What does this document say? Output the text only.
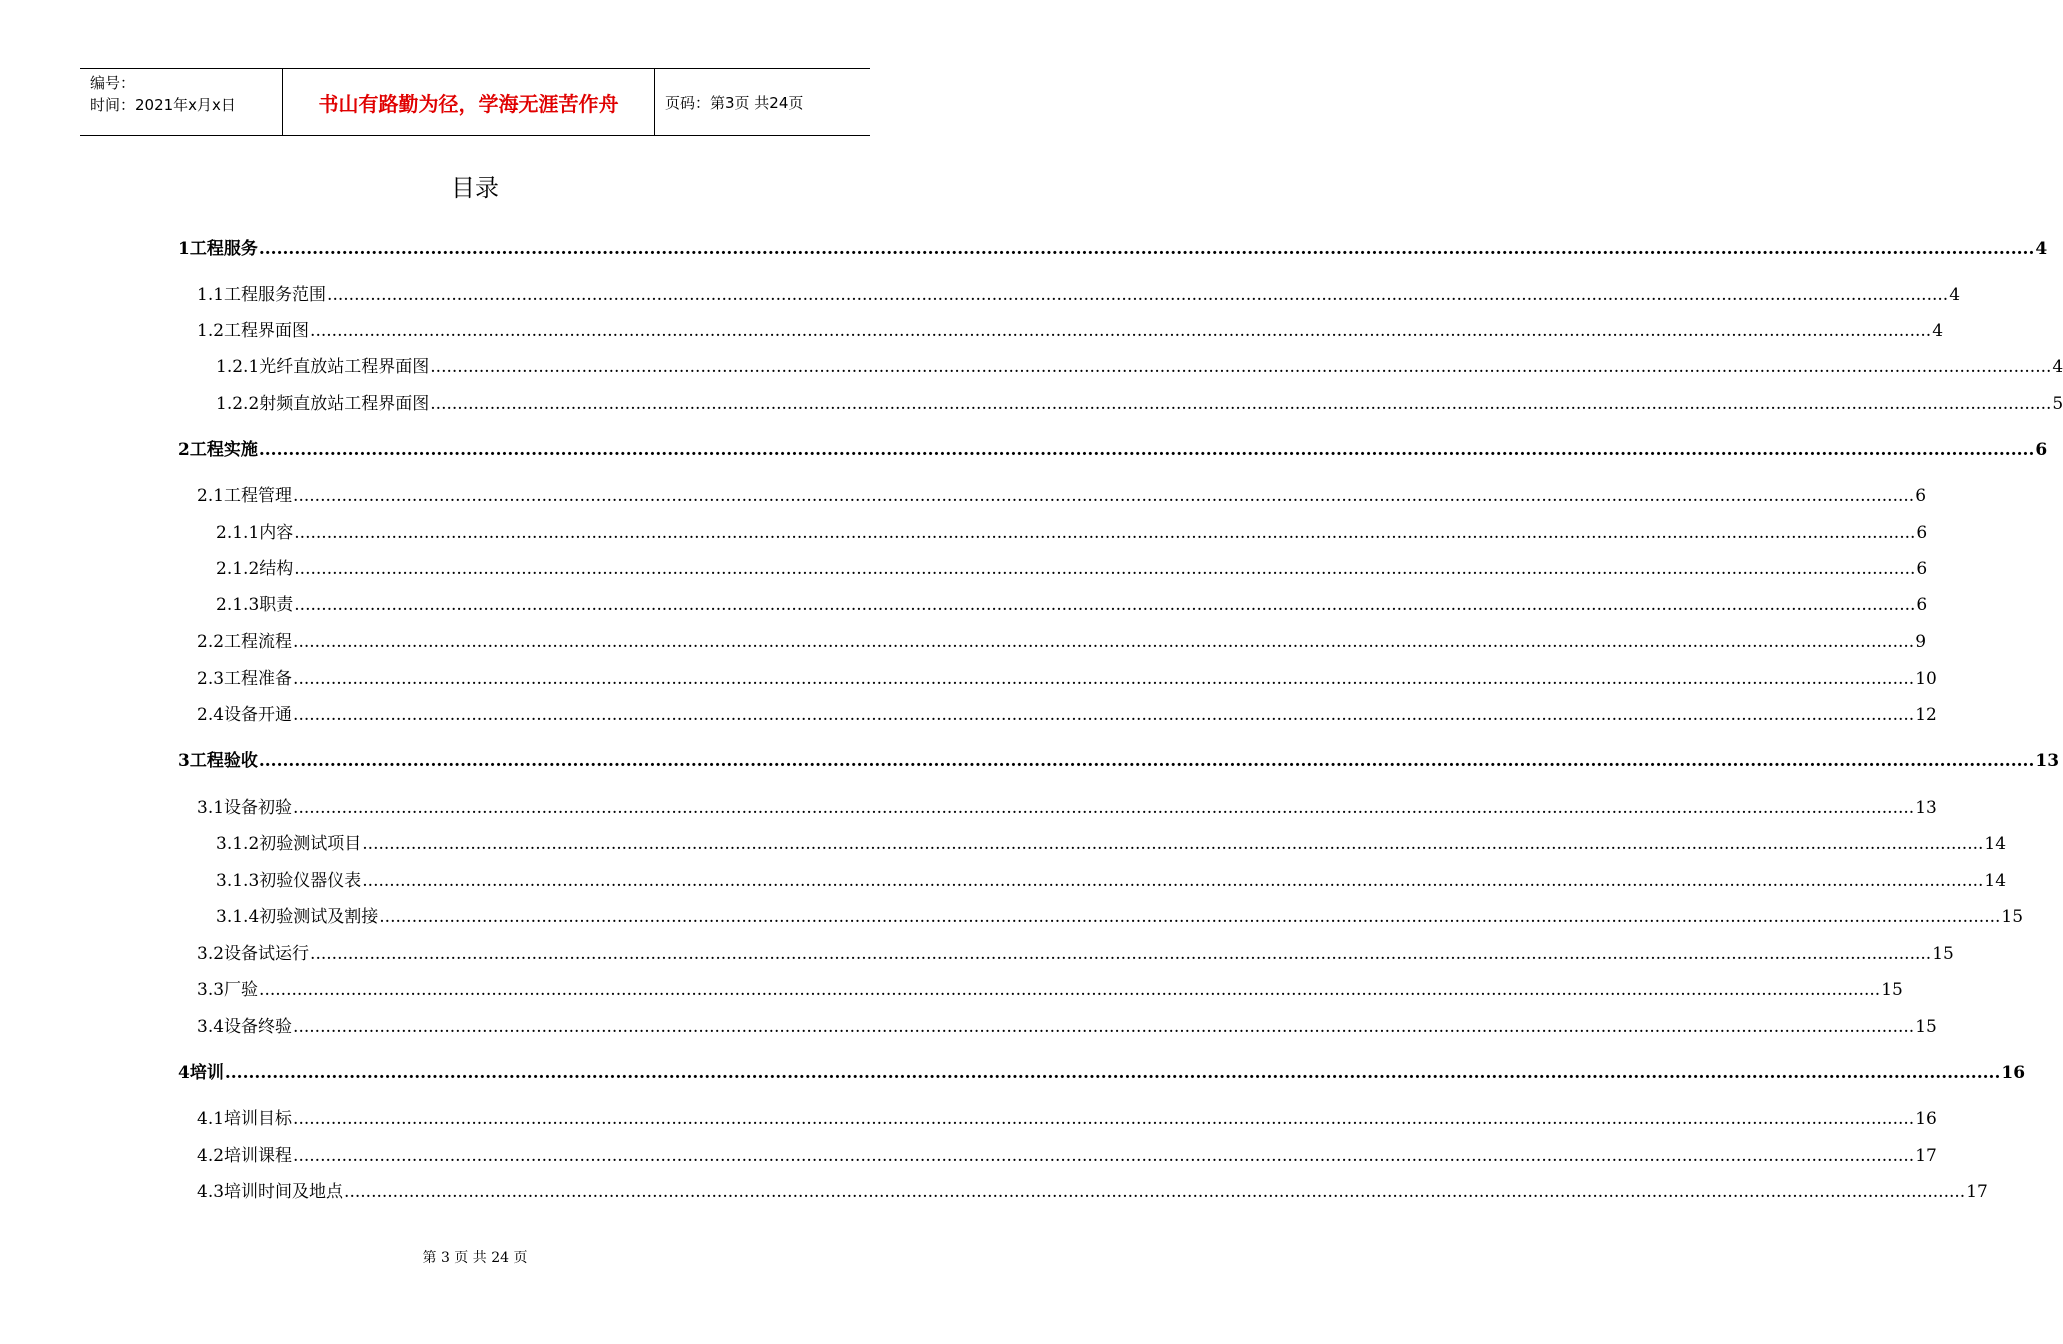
编号：
时间：2021年x月x日	书山有路勤为径，学海无涯苦作舟	页码：第3页 共24页
目录
1 工程服务 ............................................................................................................................................................................................................................................................................................................ 4
1.1 工程服务范围 ............................................................................................................................................................................................................................................................................................................ 4
1.2 工程界面图 ............................................................................................................................................................................................................................................................................................................ 4
1.2.1 光纤直放站工程界面图 ............................................................................................................................................................................................................................................................................................................ 4
1.2.2 射频直放站工程界面图 ............................................................................................................................................................................................................................................................................................................ 5
2 工程实施 ............................................................................................................................................................................................................................................................................................................ 6
2.1 工程管理 ............................................................................................................................................................................................................................................................................................................ 6
2.1.1 内容 ............................................................................................................................................................................................................................................................................................................ 6
2.1.2 结构 ............................................................................................................................................................................................................................................................................................................ 6
2.1.3 职责 ............................................................................................................................................................................................................................................................................................................ 6
2.2 工程流程 ............................................................................................................................................................................................................................................................................................................ 9
2.3 工程准备 ............................................................................................................................................................................................................................................................................................................ 10
2.4 设备开通 ............................................................................................................................................................................................................................................................................................................ 12
3 工程验收 ............................................................................................................................................................................................................................................................................................................ 13
3.1 设备初验 ............................................................................................................................................................................................................................................................................................................ 13
3.1.2 初验测试项目 ............................................................................................................................................................................................................................................................................................................ 14
3.1.3 初验仪器仪表 ............................................................................................................................................................................................................................................................................................................ 14
3.1.4 初验测试及割接 ............................................................................................................................................................................................................................................................................................................ 15
3.2 设备试运行 ............................................................................................................................................................................................................................................................................................................ 15
3.3 厂验 ............................................................................................................................................................................................................................................................................................................ 15
3.4 设备终验 ............................................................................................................................................................................................................................................................................................................ 15
4 培训 ............................................................................................................................................................................................................................................................................................................ 16
4.1 培训目标 ............................................................................................................................................................................................................................................................................................................ 16
4.2 培训课程 ............................................................................................................................................................................................................................................................................................................ 17
4.3 培训时间及地点 ............................................................................................................................................................................................................................................................................................................ 17
第 3 页 共 24 页
